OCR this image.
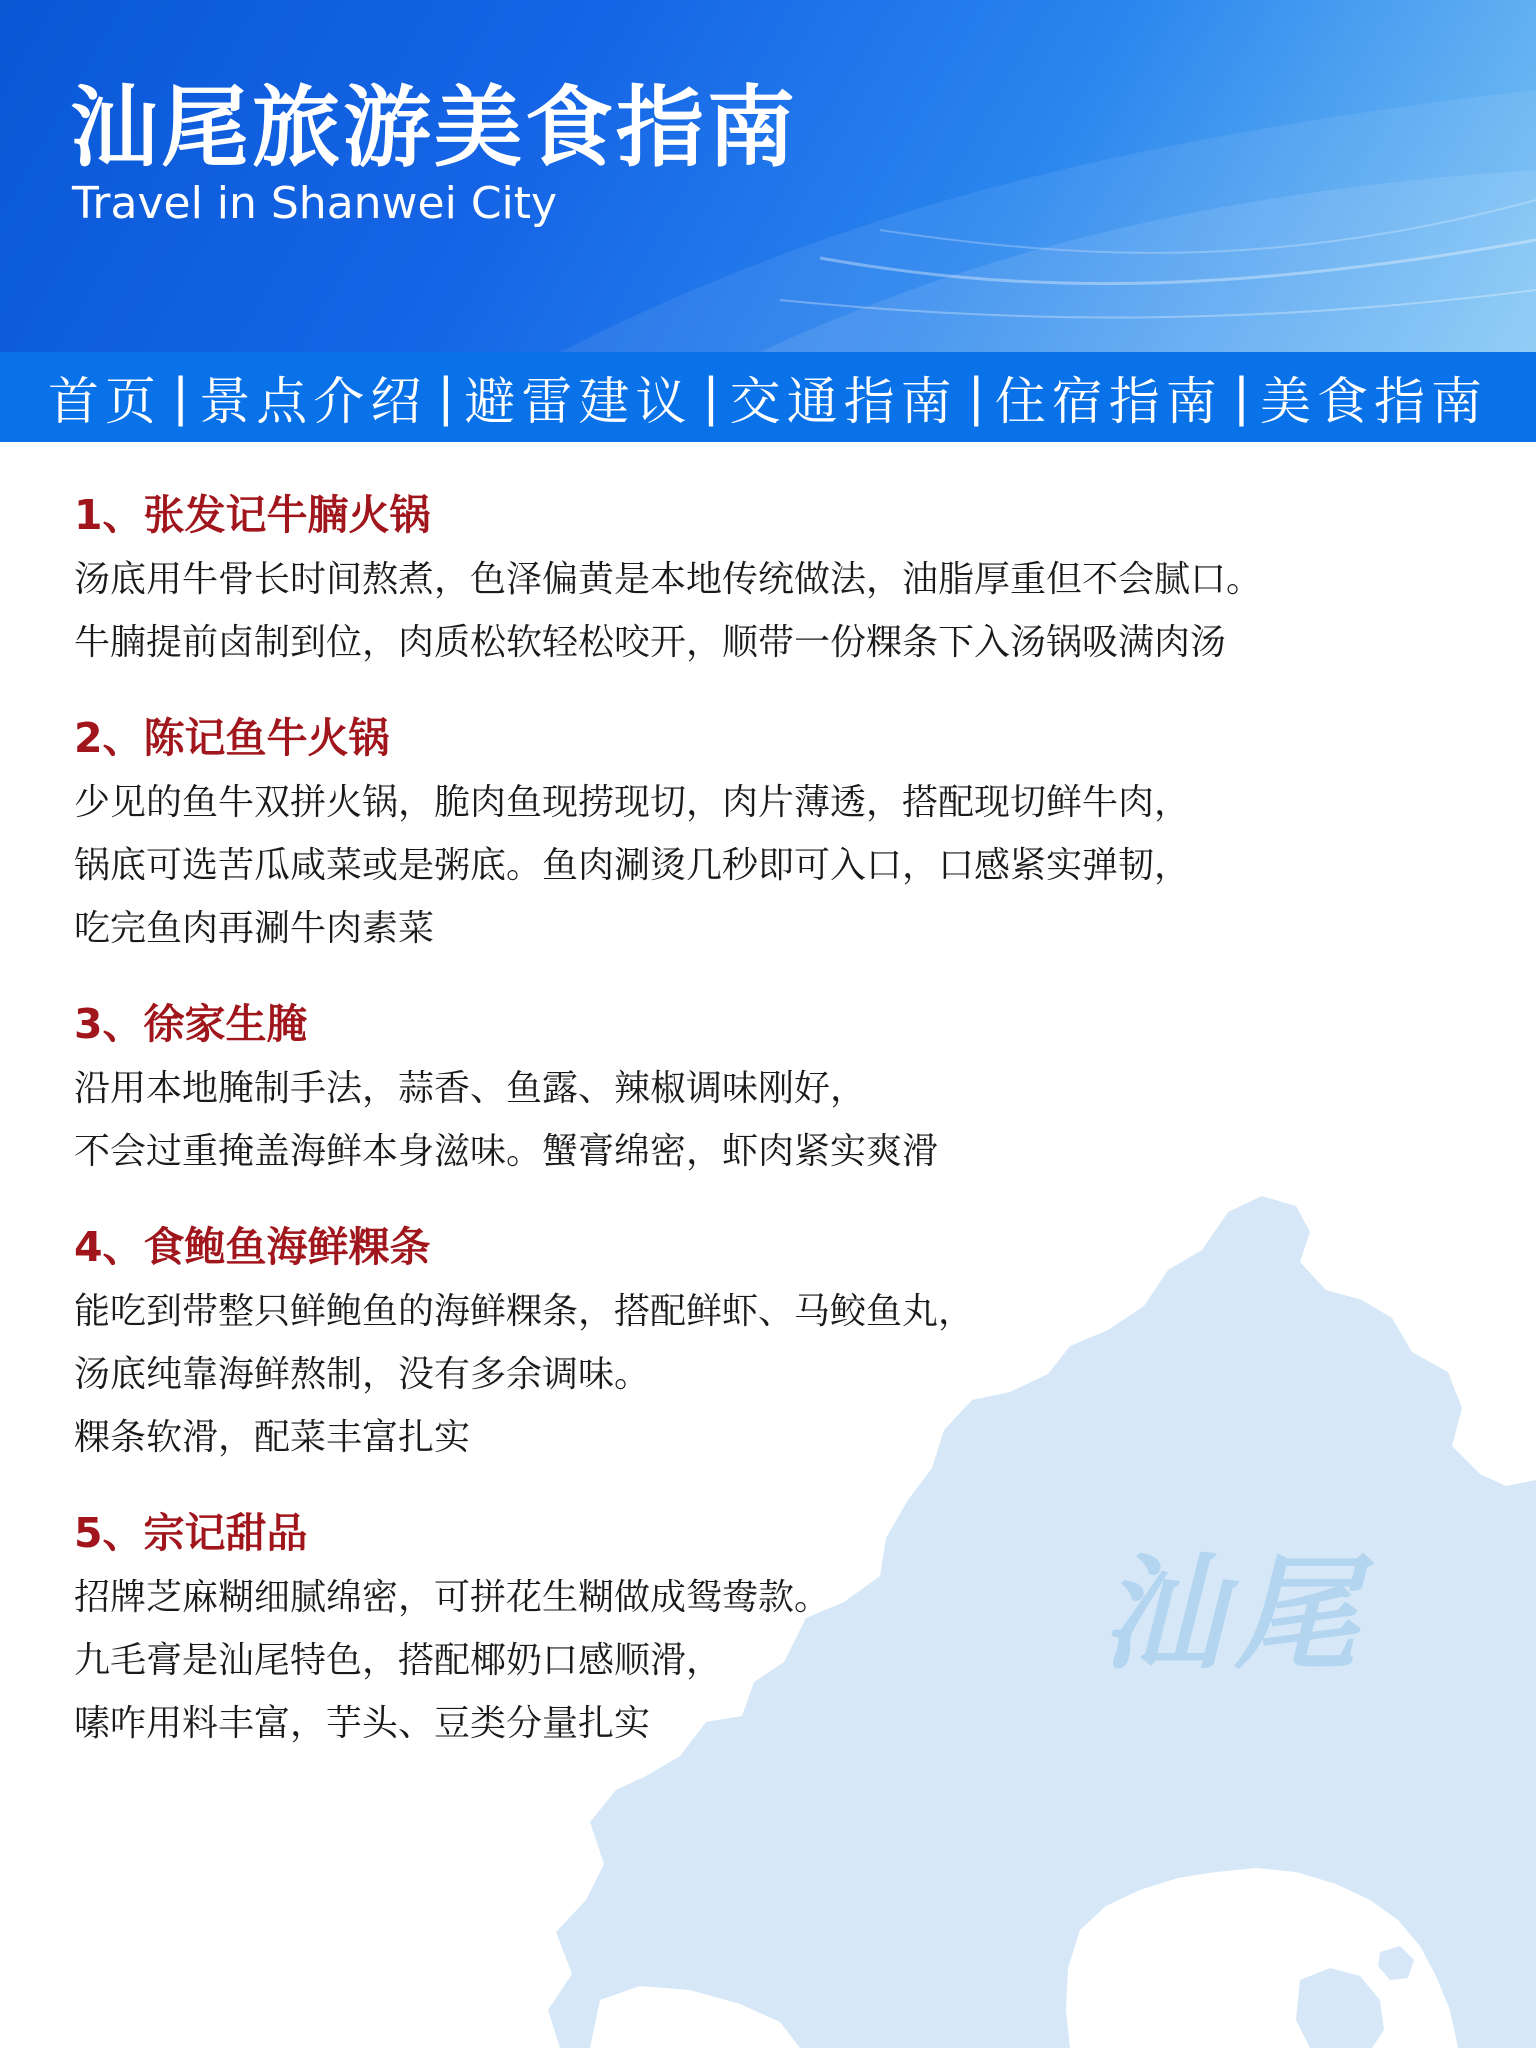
汕尾
汕尾旅游美食指南
Travel in Shanwei City
首页 | 景点介绍 | 避雷建议 | 交通指南 | 住宿指南 | 美食指南
1、张发记牛腩火锅
汤底用牛骨长时间熬煮，色泽偏黄是本地传统做法，油脂厚重但不会腻口。
牛腩提前卤制到位，肉质松软轻松咬开，顺带一份粿条下入汤锅吸满肉汤
2、陈记鱼牛火锅
少见的鱼牛双拼火锅，脆肉鱼现捞现切，肉片薄透，搭配现切鲜牛肉，
锅底可选苦瓜咸菜或是粥底。鱼肉涮烫几秒即可入口，口感紧实弹韧，
吃完鱼肉再涮牛肉素菜
3、徐家生腌
沿用本地腌制手法，蒜香、鱼露、辣椒调味刚好，
不会过重掩盖海鲜本身滋味。蟹膏绵密，虾肉紧实爽滑
4、食鲍鱼海鲜粿条
能吃到带整只鲜鲍鱼的海鲜粿条，搭配鲜虾、马鲛鱼丸，
汤底纯靠海鲜熬制，没有多余调味。
粿条软滑，配菜丰富扎实
5、宗记甜品
招牌芝麻糊细腻绵密，可拼花生糊做成鸳鸯款。
九毛膏是汕尾特色，搭配椰奶口感顺滑，
嗉咋用料丰富，芋头、豆类分量扎实
